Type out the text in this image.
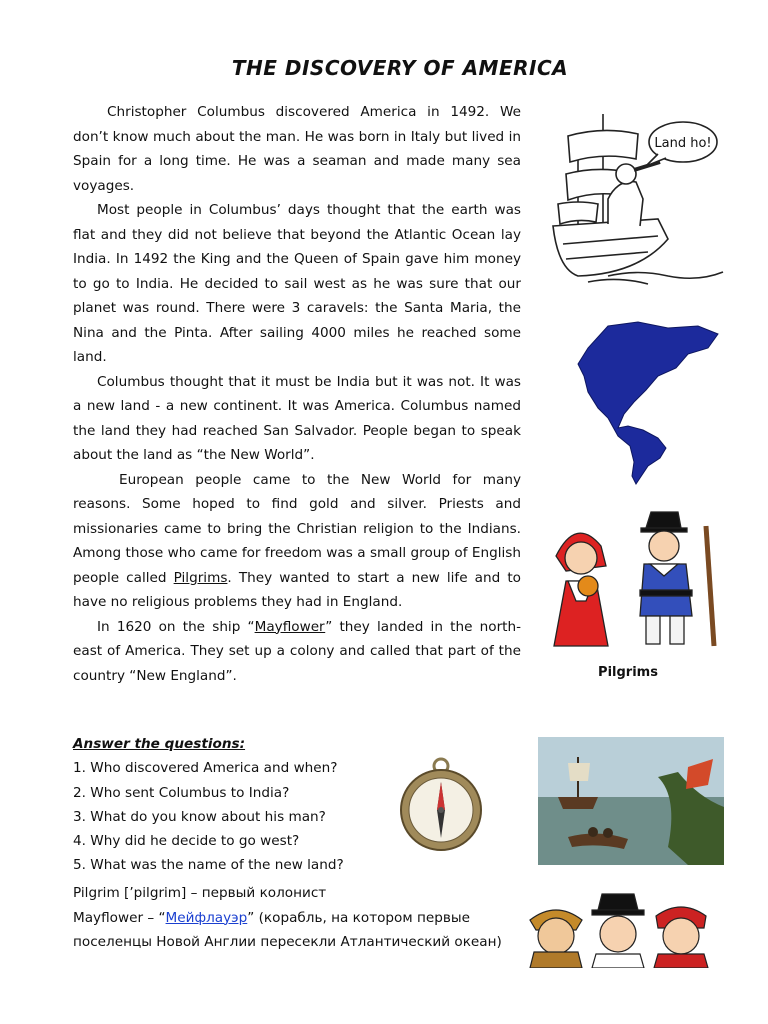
THE DISCOVERY OF AMERICA

Christopher Columbus discovered America in 1492. We don’t know much about the man. He was born in Italy but lived in Spain for a long time. He was a seaman and made many sea voyages.

Most people in Columbus’ days thought that the earth was flat and they did not believe that beyond the Atlantic Ocean lay India. In 1492 the King and the Queen of Spain gave him money to go to India. He decided to sail west as he was sure that our planet was round. There were 3 caravels: the Santa Maria, the Nina and the Pinta. After sailing 4000 miles he reached some land.

Columbus thought that it must be India but it was not. It was a new land - a new continent. It was America. Columbus named the land they had reached San Salvador. People began to speak about the land as “the New World”.

European people came to the New World for many reasons. Some hoped to find gold and silver. Priests and missionaries came to bring the Christian religion to the Indians. Among those who came for freedom was a small group of English people called Pilgrims. They wanted to start a new life and to have no religious problems they had in England.

In 1620 on the ship “Mayflower” they landed in the north-east of America. They set up a colony and called that part of the country “New England”.

Land ho!
Pilgrims
Answer the questions:
1. Who discovered America and when?
2. Who sent Columbus to India?
3. What do you know about his man?
4. Why did he decide to go west?
5. What was the name of the new land?
Pilgrim [’pilgrim] – первый колонист
Mayflower – “Мейфлауэр” (корабль, на котором первые
поселенцы Новой Англии пересекли Атлантический океан)
